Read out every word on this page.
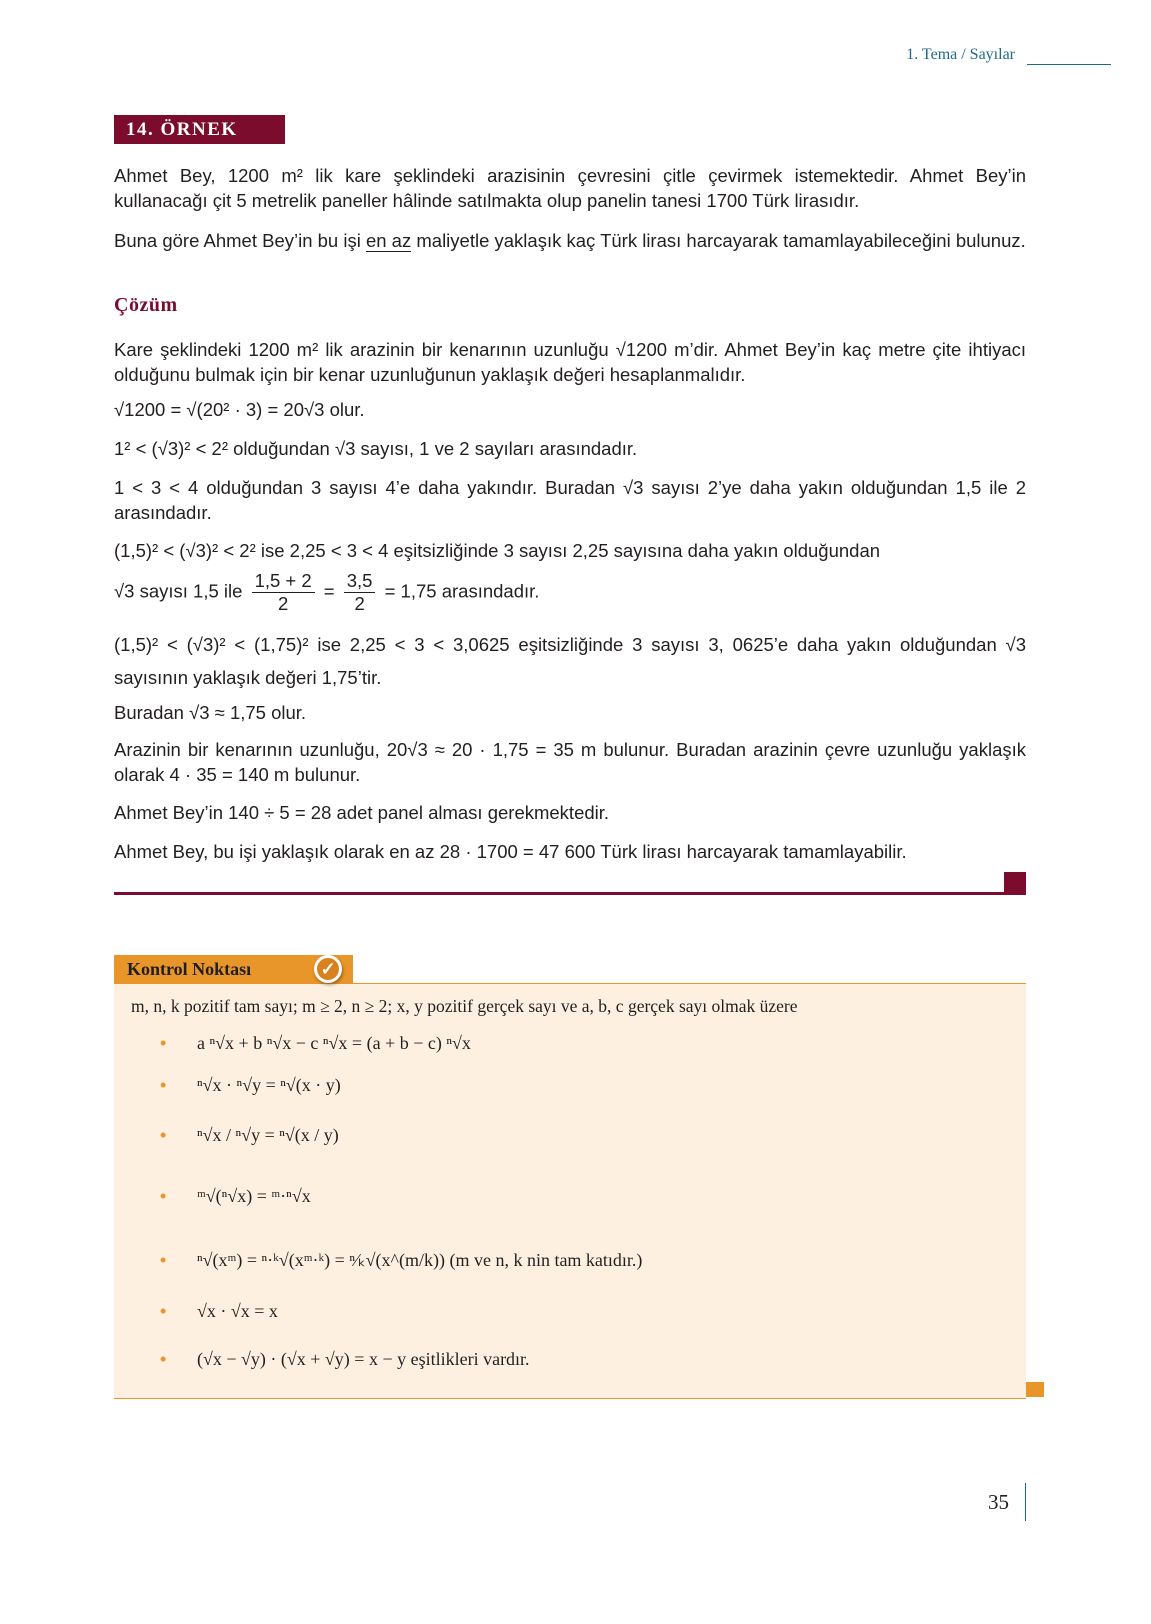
1. Tema / Sayılar
14. ÖRNEK
Ahmet Bey, 1200 m² lik kare şeklindeki arazisinin çevresini çitle çevirmek istemektedir. Ahmet Bey’in kullanacağı çit 5 metrelik paneller hâlinde satılmakta olup panelin tanesi 1700 Türk lirasıdır.
Buna göre Ahmet Bey’in bu işi en az maliyetle yaklaşık kaç Türk lirası harcayarak tamamlayabileceğini bulunuz.
Çözüm
Kare şeklindeki 1200 m² lik arazinin bir kenarının uzunluğu √1200 m’dir. Ahmet Bey’in kaç metre çite ihtiyacı olduğunu bulmak için bir kenar uzunluğunun yaklaşık değeri hesaplanmalıdır.
√1200 = √(20² · 3) = 20√3 olur.
1² < (√3)² < 2² olduğundan √3 sayısı, 1 ve 2 sayıları arasındadır.
1 < 3 < 4 olduğundan 3 sayısı 4’e daha yakındır. Buradan √3 sayısı 2’ye daha yakın olduğundan 1,5 ile 2 arasındadır.
(1,5)² < (√3)² < 2² ise 2,25 < 3 < 4 eşitsizliğinde 3 sayısı 2,25 sayısına daha yakın olduğundan
√3 sayısı 1,5 ile $\frac{1,5 + 2}{2} = \frac{3,5}{2} = 1,75$ arasındadır.
(1,5)² < (√3)² < (1,75)² ise 2,25 < 3 < 3,0625 eşitsizliğinde 3 sayısı 3, 0625’e daha yakın olduğundan √3 sayısının yaklaşık değeri 1,75’tir.
Buradan √3 ≈ 1,75 olur.
Arazinin bir kenarının uzunluğu, 20√3 ≈ 20 · 1,75 = 35 m bulunur. Buradan arazinin çevre uzunluğu yaklaşık olarak 4 · 35 = 140 m bulunur.
Ahmet Bey’in 140 ÷ 5 = 28 adet panel alması gerekmektedir.
Ahmet Bey, bu işi yaklaşık olarak en az 28 · 1700 = 47 600 Türk lirası harcayarak tamamlayabilir.
Kontrol Noktası	✓
m, n, k pozitif tam sayı; m ≥ 2, n ≥ 2; x, y pozitif gerçek sayı ve a, b, c gerçek sayı olmak üzere
• a ⁿ√x + b ⁿ√x − c ⁿ√x = (a + b − c) ⁿ√x
• ⁿ√x · ⁿ√y = ⁿ√(x · y)
• ⁿ√x / ⁿ√y = ⁿ√(x / y)
• ᵐ√(ⁿ√x) = ᵐ·ⁿ√x
• ⁿ√(xᵐ) = ⁿ·ᵏ√(xᵐ·ᵏ) = ⁿ⁄ₖ√(x^(m/k)) (m ve n, k nin tam katıdır.)
• √x · √x = x
• (√x − √y) · (√x + √y) = x − y eşitlikleri vardır.
35
